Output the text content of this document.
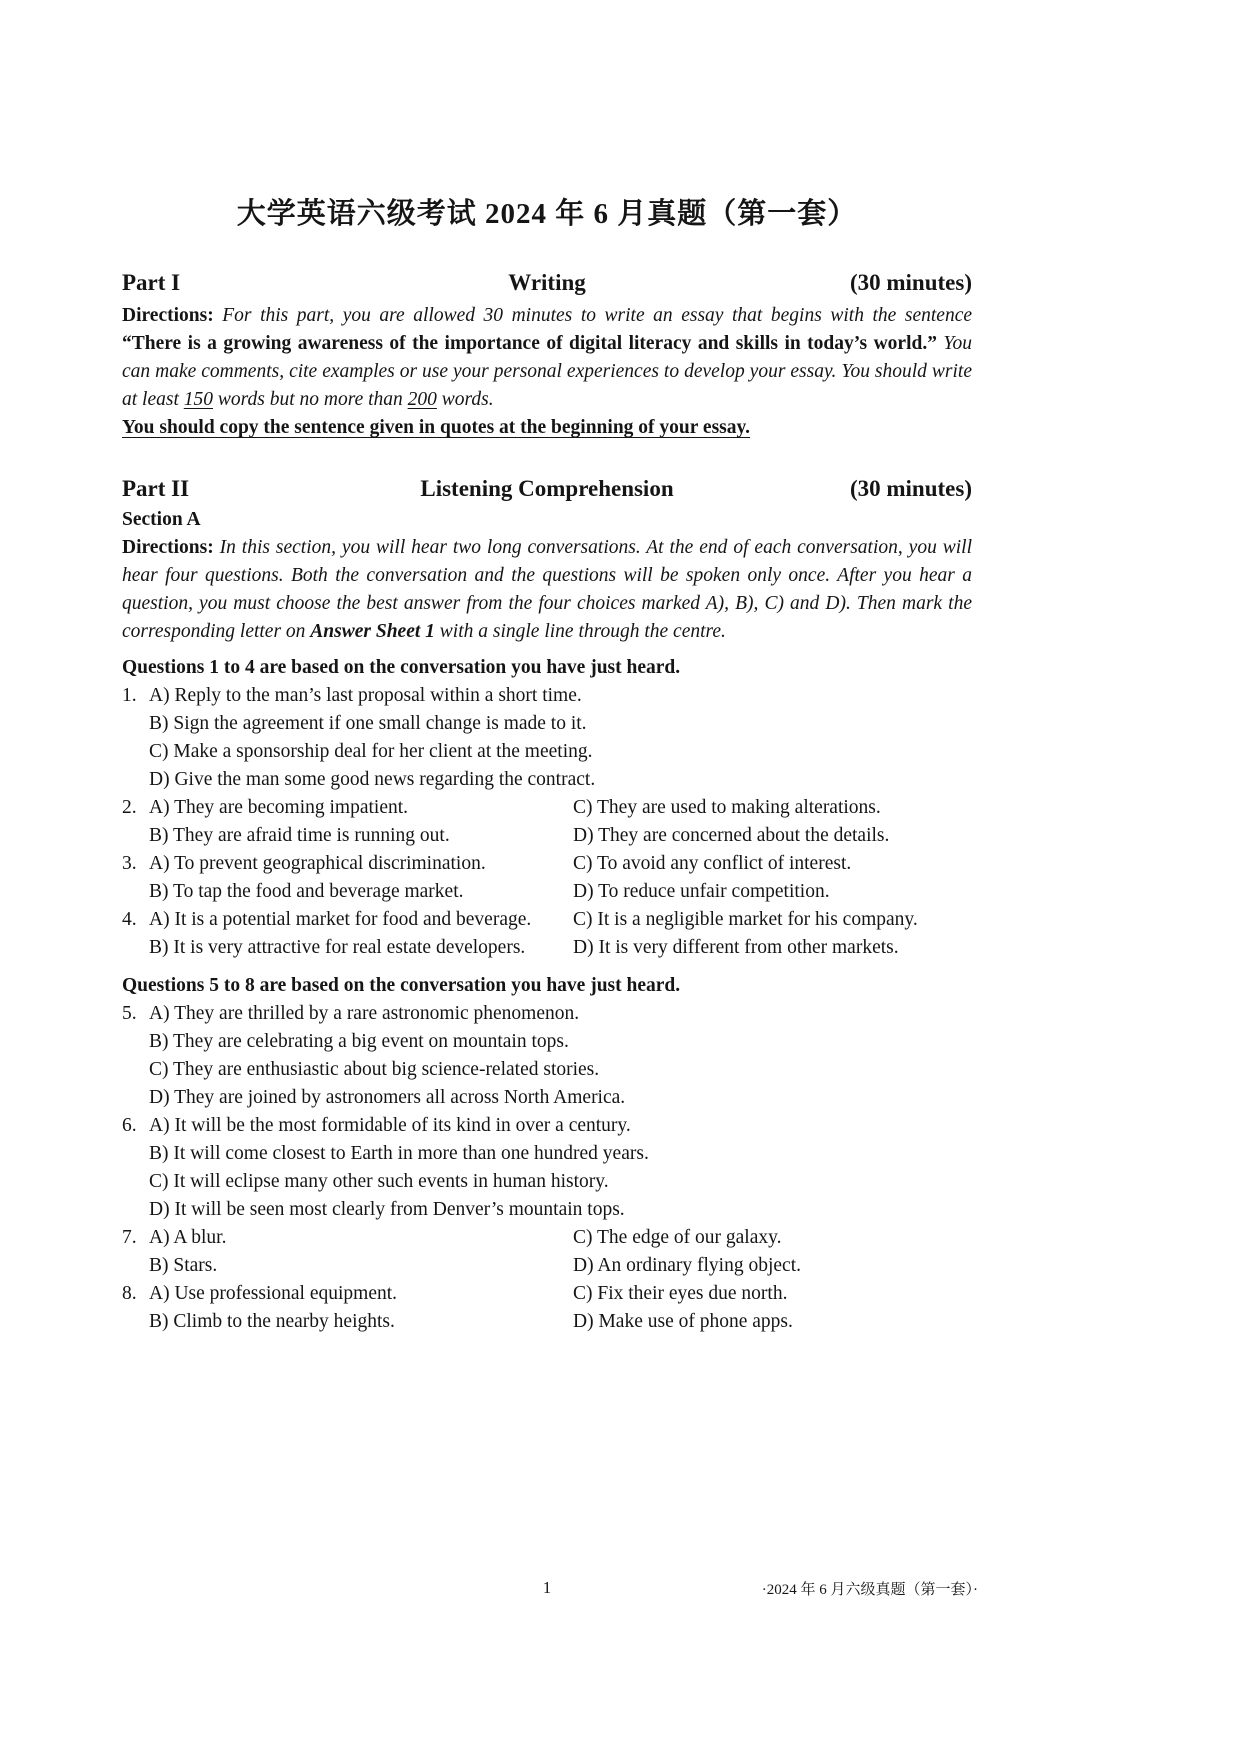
大学英语六级考试 2024 年 6 月真题（第一套）
Part I	Writing	(30 minutes)
Directions: For this part, you are allowed 30 minutes to write an essay that begins with the sentence “There is a growing awareness of the importance of digital literacy and skills in today’s world.” You can make comments, cite examples or use your personal experiences to develop your essay. You should write at least 150 words but no more than 200 words.
You should copy the sentence given in quotes at the beginning of your essay.
Part II	Listening Comprehension	(30 minutes)
Section A
Directions: In this section, you will hear two long conversations. At the end of each conversation, you will hear four questions. Both the conversation and the questions will be spoken only once. After you hear a question, you must choose the best answer from the four choices marked A), B), C) and D). Then mark the corresponding letter on Answer Sheet 1 with a single line through the centre.
Questions 1 to 4 are based on the conversation you have just heard.
1. A) Reply to the man’s last proposal within a short time.
B) Sign the agreement if one small change is made to it.
C) Make a sponsorship deal for her client at the meeting.
D) Give the man some good news regarding the contract.
2. A) They are becoming impatient.	C) They are used to making alterations.
B) They are afraid time is running out.	D) They are concerned about the details.
3. A) To prevent geographical discrimination.	C) To avoid any conflict of interest.
B) To tap the food and beverage market.	D) To reduce unfair competition.
4. A) It is a potential market for food and beverage.	C) It is a negligible market for his company.
B) It is very attractive for real estate developers.	D) It is very different from other markets.
Questions 5 to 8 are based on the conversation you have just heard.
5. A) They are thrilled by a rare astronomic phenomenon.
B) They are celebrating a big event on mountain tops.
C) They are enthusiastic about big science-related stories.
D) They are joined by astronomers all across North America.
6. A) It will be the most formidable of its kind in over a century.
B) It will come closest to Earth in more than one hundred years.
C) It will eclipse many other such events in human history.
D) It will be seen most clearly from Denver’s mountain tops.
7. A) A blur.	C) The edge of our galaxy.
B) Stars.	D) An ordinary flying object.
8. A) Use professional equipment.	C) Fix their eyes due north.
B) Climb to the nearby heights.	D) Make use of phone apps.
1	·2024 年 6 月六级真题（第一套）·
